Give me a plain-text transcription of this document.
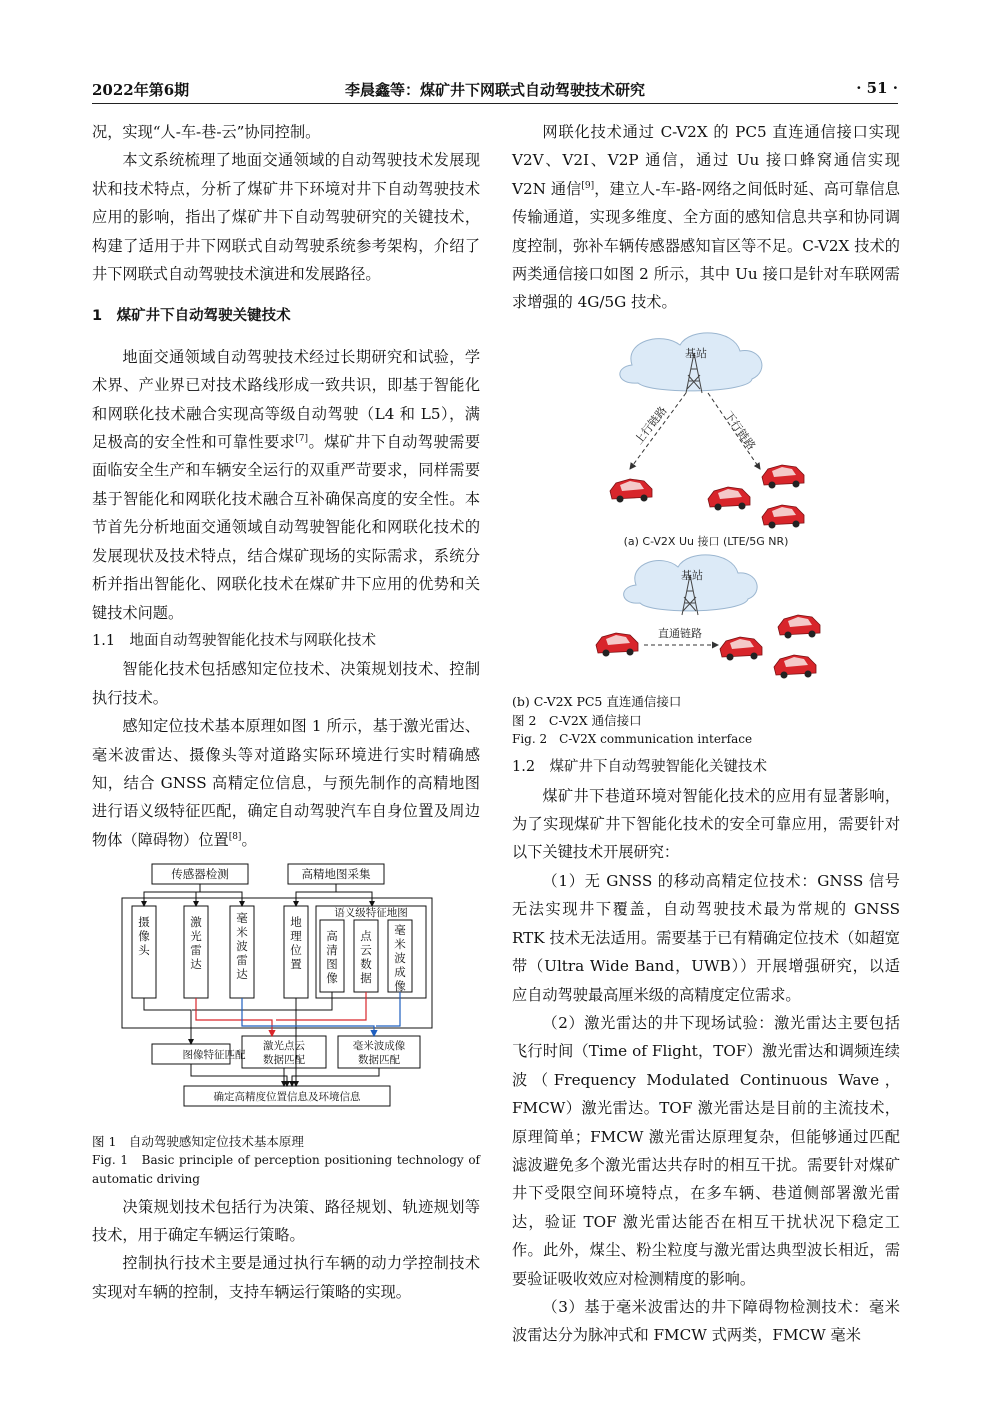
2022年第6期	李晨鑫等：煤矿井下网联式自动驾驶技术研究	· 51 ·

况，实现“人-车-巷-云”协同控制。

本文系统梳理了地面交通领域的自动驾驶技术发展现状和技术特点，分析了煤矿井下环境对井下自动驾驶技术应用的影响，指出了煤矿井下自动驾驶研究的关键技术，构建了适用于井下网联式自动驾驶系统参考架构，介绍了井下网联式自动驾驶技术演进和发展路径。

1　煤矿井下自动驾驶关键技术

地面交通领域自动驾驶技术经过长期研究和试验，学术界、产业界已对技术路线形成一致共识，即基于智能化和网联化技术融合实现高等级自动驾驶（L4 和 L5），满足极高的安全性和可靠性要求[7]。煤矿井下自动驾驶需要面临安全生产和车辆安全运行的双重严苛要求，同样需要基于智能化和网联化技术融合互补确保高度的安全性。本节首先分析地面交通领域自动驾驶智能化和网联化技术的发展现状及技术特点，结合煤矿现场的实际需求，系统分析并指出智能化、网联化技术在煤矿井下应用的优势和关键技术问题。

1.1　地面自动驾驶智能化技术与网联化技术

智能化技术包括感知定位技术、决策规划技术、控制执行技术。

感知定位技术基本原理如图 1 所示，基于激光雷达、毫米波雷达、摄像头等对道路实际环境进行实时精确感知，结合 GNSS 高精定位信息，与预先制作的高精地图进行语义级特征匹配，确定自动驾驶汽车自身位置及周边物体（障碍物）位置[8]。

传感器检测	高精地图采集
语义级特征地图
图像特征匹配
激光点云
数据匹配
毫米波成像
数据匹配
确定高精度位置信息及环境信息
摄像头
激光雷达
毫米波雷达
地理位置
高清图像
点云数据
毫米波成像

图 1　自动驾驶感知定位技术基本原理

Fig. 1　Basic principle of perception positioning technology of automatic driving

决策规划技术包括行为决策、路径规划、轨迹规划等技术，用于确定车辆运行策略。

控制执行技术主要是通过执行车辆的动力学控制技术实现对车辆的控制，支持车辆运行策略的实现。

网联化技术通过 C-V2X 的 PC5 直连通信接口实现 V2V、V2I、V2P 通信，通过 Uu 接口蜂窝通信实现 V2N 通信[9]，建立人-车-路-网络之间低时延、高可靠信息传输通道，实现多维度、全方面的感知信息共享和协同调度控制，弥补车辆传感器感知盲区等不足。C-V2X 技术的两类通信接口如图 2 所示，其中 Uu 接口是针对车联网需求增强的 4G/5G 技术。

基站
上行链路	下行链路
(a) C-V2X Uu 接口 (LTE/5G NR)
基站
直通链路

(b) C-V2X PC5 直连通信接口

图 2　C-V2X 通信接口

Fig. 2　C-V2X communication interface

1.2　煤矿井下自动驾驶智能化关键技术

煤矿井下巷道环境对智能化技术的应用有显著影响，为了实现煤矿井下智能化技术的安全可靠应用，需要针对以下关键技术开展研究：

（1）无 GNSS 的移动高精定位技术：GNSS 信号无法实现井下覆盖，自动驾驶技术最为常规的 GNSS RTK 技术无法适用。需要基于已有精确定位技术（如超宽带（Ultra Wide Band，UWB））开展增强研究，以适应自动驾驶最高厘米级的高精度定位需求。

（2）激光雷达的井下现场试验：激光雷达主要包括飞行时间（Time of Flight，TOF）激光雷达和调频连续波（Frequency Modulated Continuous Wave，FMCW）激光雷达。TOF 激光雷达是目前的主流技术，原理简单；FMCW 激光雷达原理复杂，但能够通过匹配滤波避免多个激光雷达共存时的相互干扰。需要针对煤矿井下受限空间环境特点，在多车辆、巷道侧部署激光雷达，验证 TOF 激光雷达能否在相互干扰状况下稳定工作。此外，煤尘、粉尘粒度与激光雷达典型波长相近，需要验证吸收效应对检测精度的影响。

（3）基于毫米波雷达的井下障碍物检测技术：毫米波雷达分为脉冲式和 FMCW 式两类，FMCW 毫米
